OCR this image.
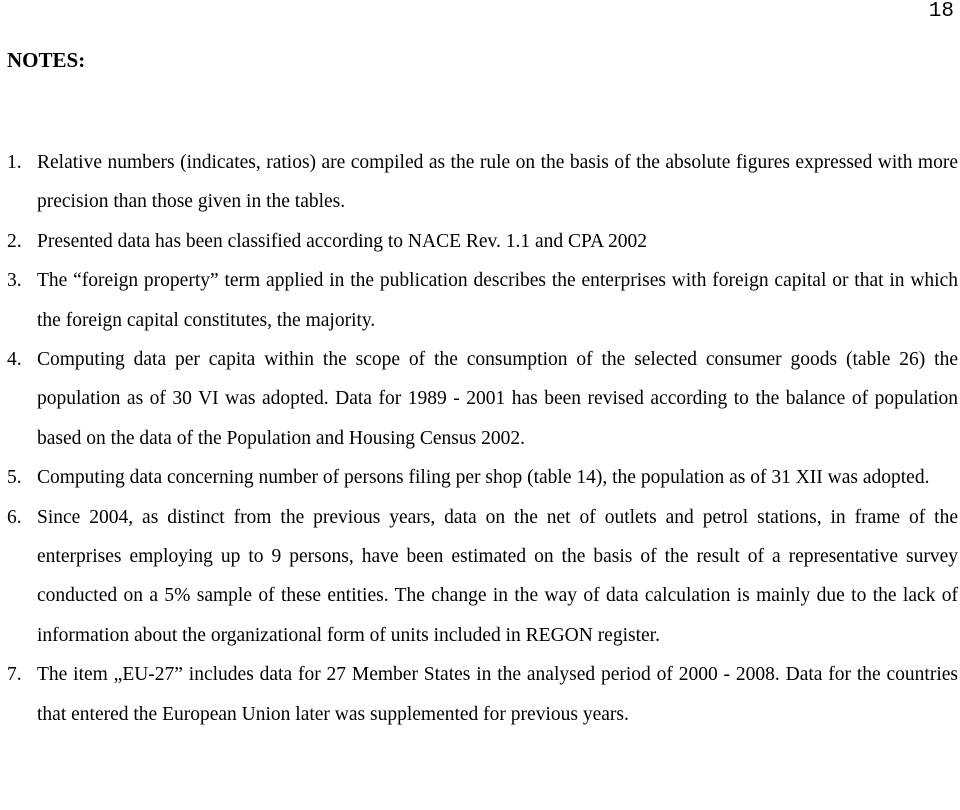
18
NOTES:
1. Relative numbers (indicates, ratios) are compiled as the rule on the basis of the absolute figures expressed with more precision than those given in the tables.
2. Presented data has been classified according to NACE Rev. 1.1 and CPA 2002
3. The “foreign property” term applied in the publication describes the enterprises with foreign capital or that in which the foreign capital constitutes, the majority.
4. Computing data per capita within the scope of the consumption of the selected consumer goods (table 26) the population as of 30 VI was adopted. Data for 1989 - 2001 has been revised according to the balance of population based on the data of the Population and Housing Census 2002.
5. Computing data concerning number of persons filing per shop (table 14), the population as of 31 XII was adopted.
6. Since 2004, as distinct from the previous years, data on the net of outlets and petrol stations, in frame of the enterprises employing up to 9 persons, have been estimated on the basis of the result of a representative survey conducted on a 5% sample of these entities. The change in the way of data calculation is mainly due to the lack of information about the organizational form of units included in REGON register.
7. The item „EU-27” includes data for 27 Member States in the analysed period of 2000 - 2008. Data for the countries that entered the European Union later was supplemented for previous years.
